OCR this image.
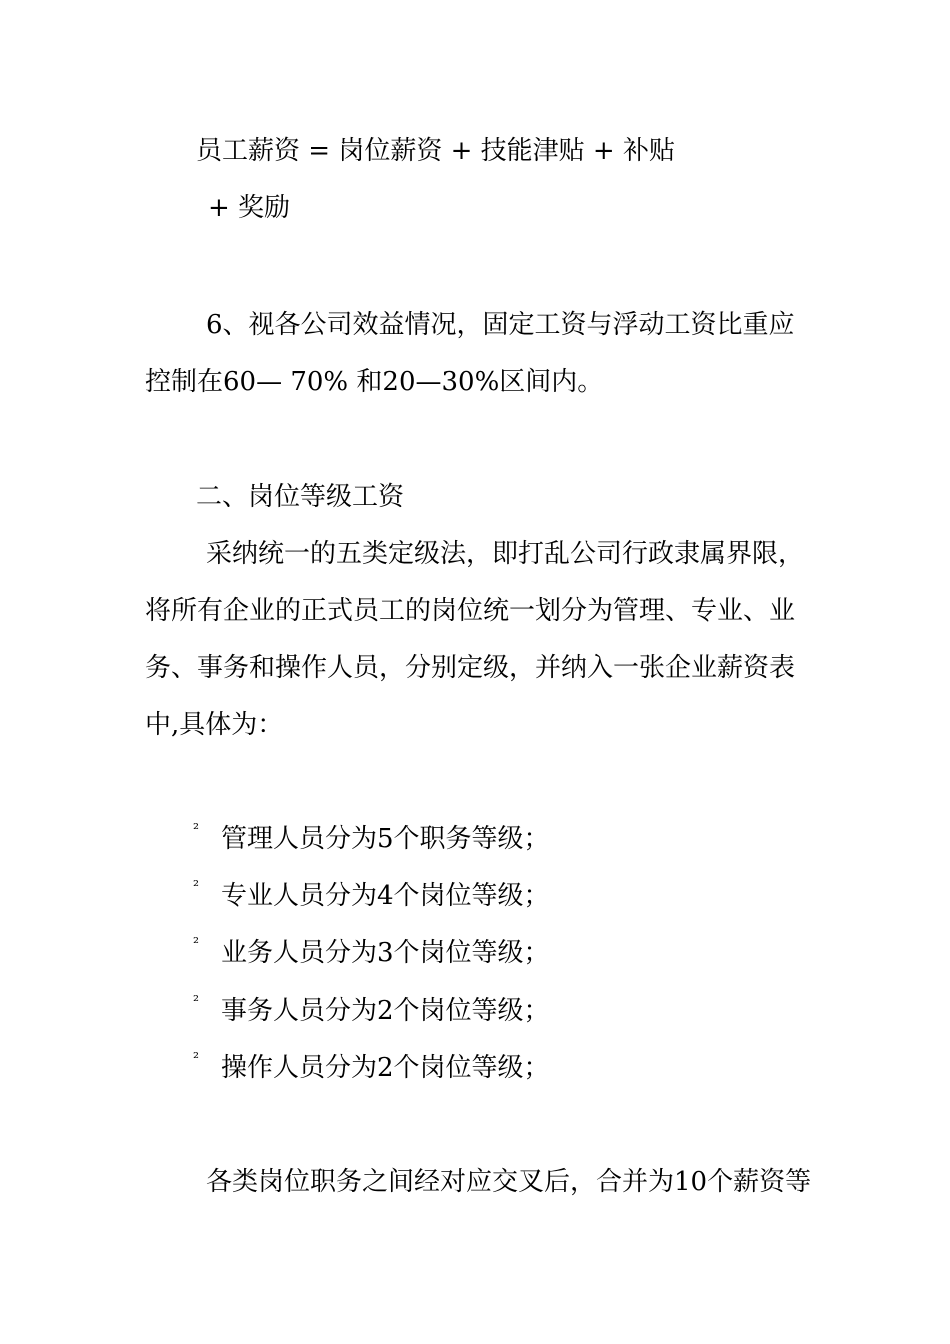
员工薪资 = 岗位薪资 + 技能津贴 + 补贴
+ 奖励
6、视各公司效益情况，固定工资与浮动工资比重应
控制在60— 70% 和20—30%区间内。
二、岗位等级工资
采纳统一的五类定级法，即打乱公司行政隶属界限，
将所有企业的正式员工的岗位统一划分为管理、专业、业
务、事务和操作人员，分别定级，并纳入一张企业薪资表
中,具体为：
² 管理人员分为5个职务等级；
² 专业人员分为4个岗位等级；
² 业务人员分为3个岗位等级；
² 事务人员分为2个岗位等级；
² 操作人员分为2个岗位等级；
各类岗位职务之间经对应交叉后，合并为10个薪资等
